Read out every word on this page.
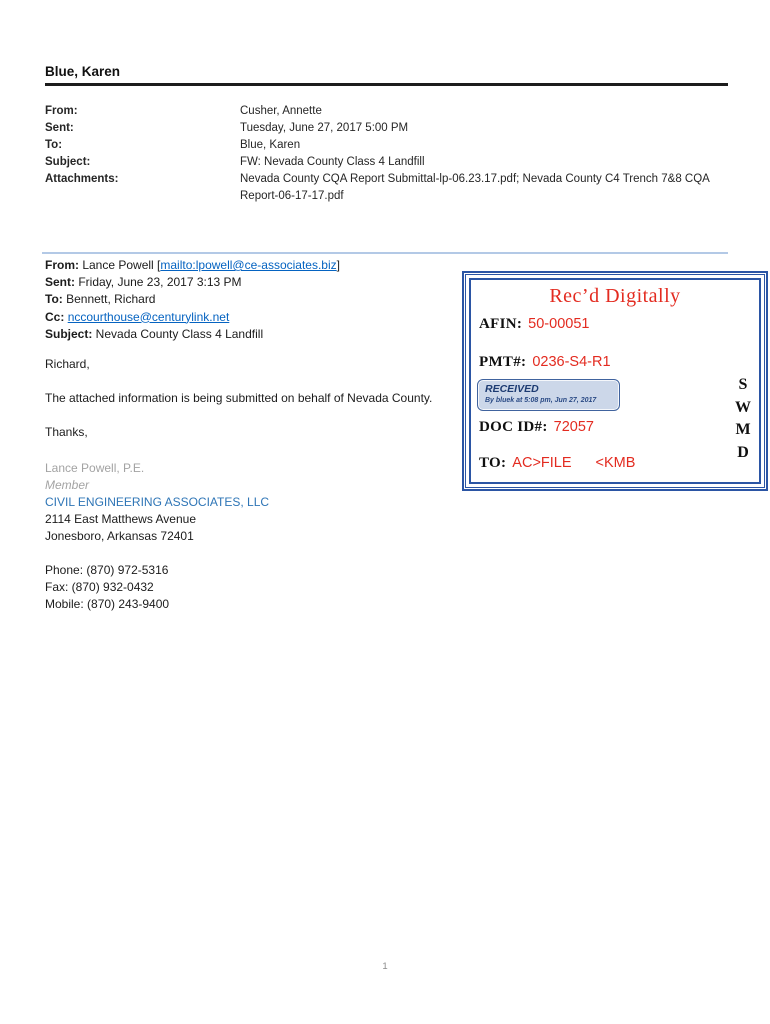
Blue, Karen
From:	Cusher, Annette
Sent:	Tuesday, June 27, 2017 5:00 PM
To:	Blue, Karen
Subject:	FW: Nevada County Class 4 Landfill
Attachments:	Nevada County CQA Report Submittal-lp-06.23.17.pdf; Nevada County C4 Trench 7&8 CQA Report-06-17-17.pdf

From: Lance Powell [mailto:lpowell@ce-associates.biz]

Sent: Friday, June 23, 2017 3:13 PM

To: Bennett, Richard

Cc: nccourthouse@centurylink.net

Subject: Nevada County Class 4 Landfill

Richard,
The attached information is being submitted on behalf of Nevada County.
Thanks,
Lance Powell, P.E.
Member
CIVIL ENGINEERING ASSOCIATES, LLC
2114 East Matthews Avenue
Jonesboro, Arkansas 72401
Phone: (870) 972-5316
Fax: (870) 932-0432
Mobile: (870) 243-9400
Rec’d Digitally
AFIN: 50-00051
PMT#: 0236-S4-R1
RECEIVED
By bluek at 5:08 pm, Jun 27, 2017
DOC ID#: 72057
TO: AC>FILE <KMB
S
W
M
D
1
